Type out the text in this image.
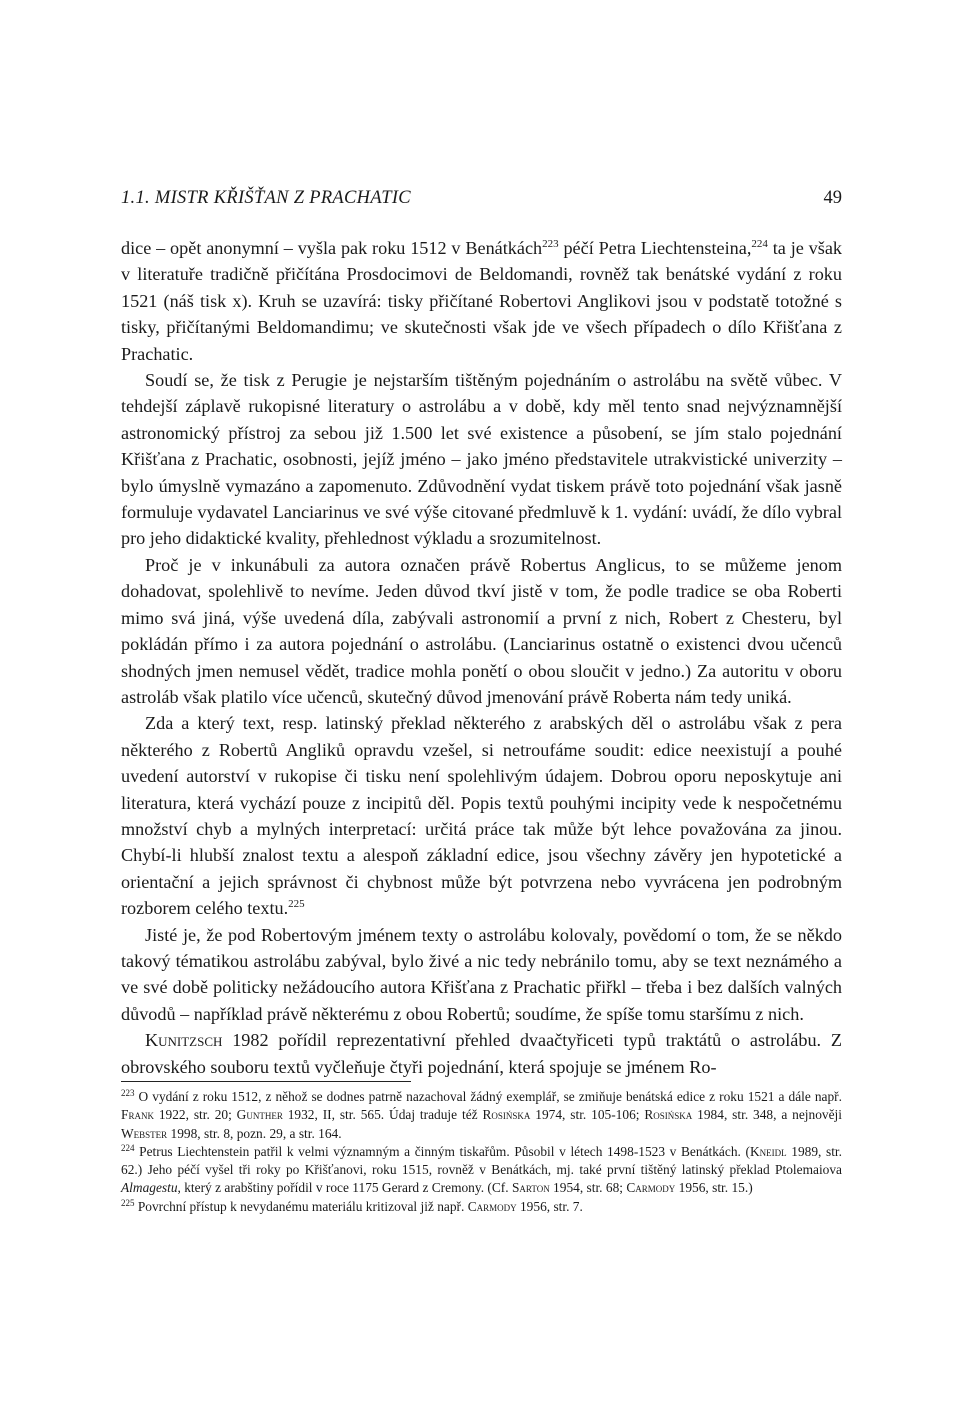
1.1. MISTR KŘIŠŤAN Z PRACHATIC	49

dice – opět anonymní – vyšla pak roku 1512 v Benátkách$^{223}$ péčí Petra Liechtensteina,$^{224}$ ta je však v literatuře tradičně přičítána Prosdocimovi de Beldomandi, rovněž tak benátské vydání z roku 1521 (náš tisk x). Kruh se uzavírá: tisky přičítané Robertovi Anglikovi jsou v podstatě totožné s tisky, přičítanými Beldomandimu; ve skutečnosti však jde ve všech případech o dílo Křišťana z Prachatic.

Soudí se, že tisk z Perugie je nejstarším tištěným pojednáním o astrolábu na světě vůbec. V tehdejší záplavě rukopisné literatury o astrolábu a v době, kdy měl tento snad nejvýznamnější astronomický přístroj za sebou již 1.500 let své existence a působení, se jím stalo pojednání Křišťana z Prachatic, osobnosti, jejíž jméno – jako jméno představitele utrakvistické univerzity – bylo úmyslně vymazáno a zapomenuto. Zdůvodnění vydat tiskem právě toto pojednání však jasně formuluje vydavatel Lanciarinus ve své výše citované předmluvě k 1. vydání: uvádí, že dílo vybral pro jeho didaktické kvality, přehlednost výkladu a srozumitelnost.

Proč je v inkunábuli za autora označen právě Robertus Anglicus, to se můžeme jenom dohadovat, spolehlivě to nevíme. Jeden důvod tkví jistě v tom, že podle tradice se oba Roberti mimo svá jiná, výše uvedená díla, zabývali astronomií a první z nich, Robert z Chesteru, byl pokládán přímo i za autora pojednání o astrolábu. (Lanciarinus ostatně o existenci dvou učenců shodných jmen nemusel vědět, tradice mohla ponětí o obou sloučit v jedno.) Za autoritu v oboru astroláb však platilo více učenců, skutečný důvod jmenování právě Roberta nám tedy uniká.

Zda a který text, resp. latinský překlad některého z arabských děl o astrolábu však z pera některého z Robertů Angliků opravdu vzešel, si netroufáme soudit: edice neexistují a pouhé uvedení autorství v rukopise či tisku není spolehlivým údajem. Dobrou oporu neposkytuje ani literatura, která vychází pouze z incipitů děl. Popis textů pouhými incipity vede k nespočetnému množství chyb a mylných interpretací: určitá práce tak může být lehce považována za jinou. Chybí-li hlubší znalost textu a alespoň základní edice, jsou všechny závěry jen hypotetické a orientační a jejich správnost či chybnost může být potvrzena nebo vyvrácena jen podrobným rozborem celého textu.$^{225}$

Jisté je, že pod Robertovým jménem texty o astrolábu kolovaly, povědomí o tom, že se někdo takový tématikou astrolábu zabýval, bylo živé a nic tedy nebránilo tomu, aby se text neznámého a ve své době politicky nežádoucího autora Křišťana z Prachatic přiřkl – třeba i bez dalších valných důvodů – například právě některému z obou Robertů; soudíme, že spíše tomu staršímu z nich.

Kunitzsch 1982 pořídil reprezentativní přehled dvaačtyřiceti typů traktátů o astrolábu. Z obrovského souboru textů vyčleňuje čtyři pojednání, která spojuje se jménem Ro-

$^{223}$ O vydání z roku 1512, z něhož se dodnes patrně nazachoval žádný exemplář, se zmiňuje benátská edice z roku 1521 a dále např. Frank 1922, str. 20; Gunther 1932, II, str. 565. Údaj traduje též Rosińska 1974, str. 105-106; Rosińska 1984, str. 348, a nejnověji Webster 1998, str. 8, pozn. 29, a str. 164.

$^{224}$ Petrus Liechtenstein patřil k velmi významným a činným tiskařům. Působil v létech 1498-1523 v Benátkách. (Kneidl 1989, str. 62.) Jeho péčí vyšel tři roky po Křišťanovi, roku 1515, rovněž v Benátkách, mj. také první tištěný latinský překlad Ptolemaiova Almagestu, který z arabštiny pořídil v roce 1175 Gerard z Cremony. (Cf. Sarton 1954, str. 68; Carmody 1956, str. 15.)

$^{225}$ Povrchní přístup k nevydanému materiálu kritizoval již např. Carmody 1956, str. 7.
